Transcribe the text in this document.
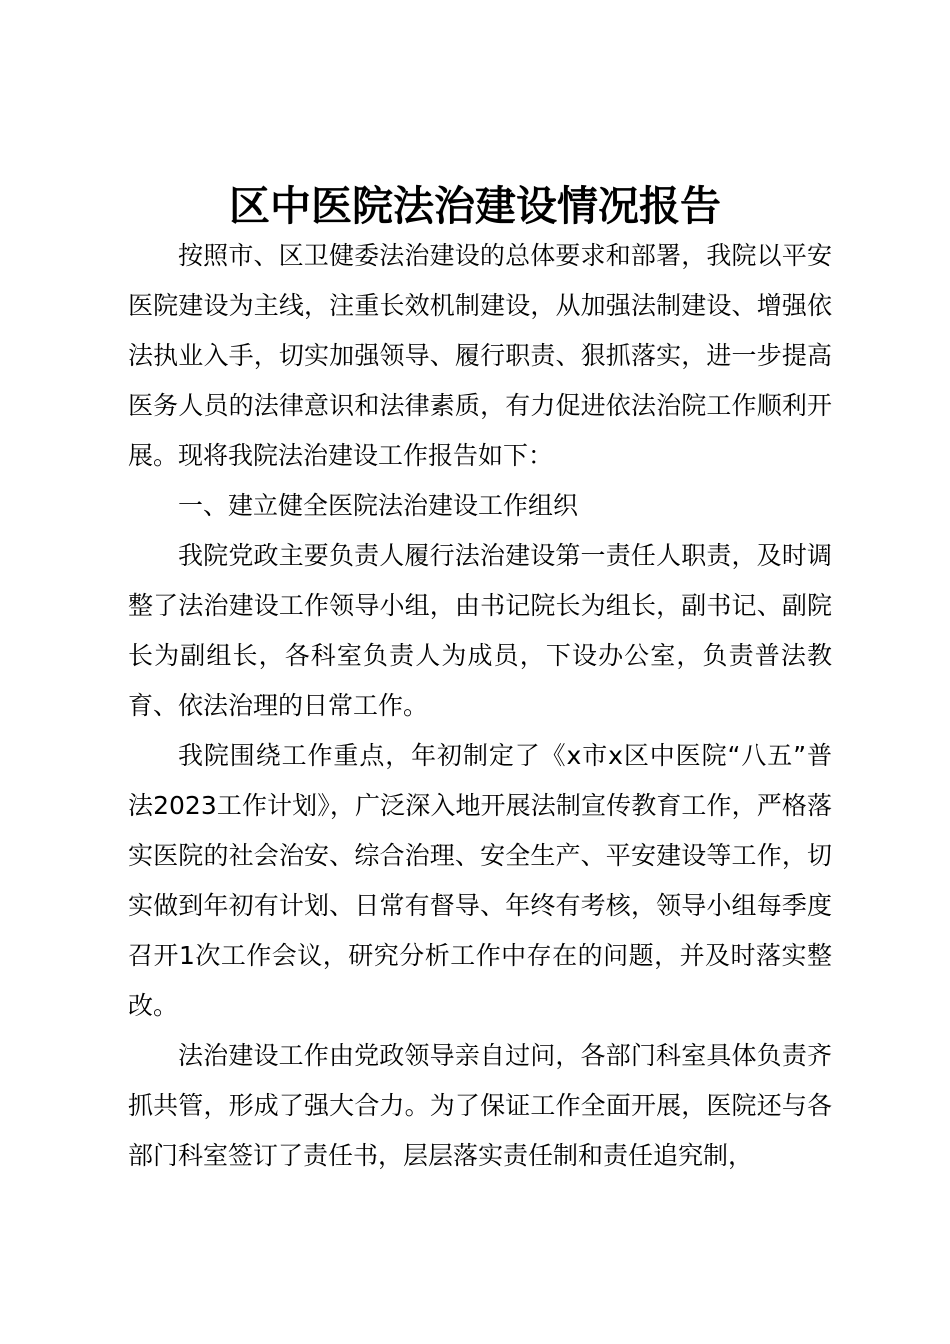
区中医院法治建设情况报告

按照市、区卫健委法治建设的总体要求和部署，我院以平安医院建设为主线，注重长效机制建设，从加强法制建设、增强依法执业入手，切实加强领导、履行职责、狠抓落实，进一步提高医务人员的法律意识和法律素质，有力促进依法治院工作顺利开展。现将我院法治建设工作报告如下：

一、建立健全医院法治建设工作组织

我院党政主要负责人履行法治建设第一责任人职责，及时调整了法治建设工作领导小组，由书记院长为组长，副书记、副院长为副组长，各科室负责人为成员，下设办公室，负责普法教育、依法治理的日常工作。

我院围绕工作重点，年初制定了《x市x区中医院“八五”普法2023工作计划》，广泛深入地开展法制宣传教育工作，严格落实医院的社会治安、综合治理、安全生产、平安建设等工作，切实做到年初有计划、日常有督导、年终有考核，领导小组每季度召开1次工作会议，研究分析工作中存在的问题，并及时落实整改。

法治建设工作由党政领导亲自过问，各部门科室具体负责齐抓共管，形成了强大合力。为了保证工作全面开展，医院还与各部门科室签订了责任书，层层落实责任制和责任追究制，
